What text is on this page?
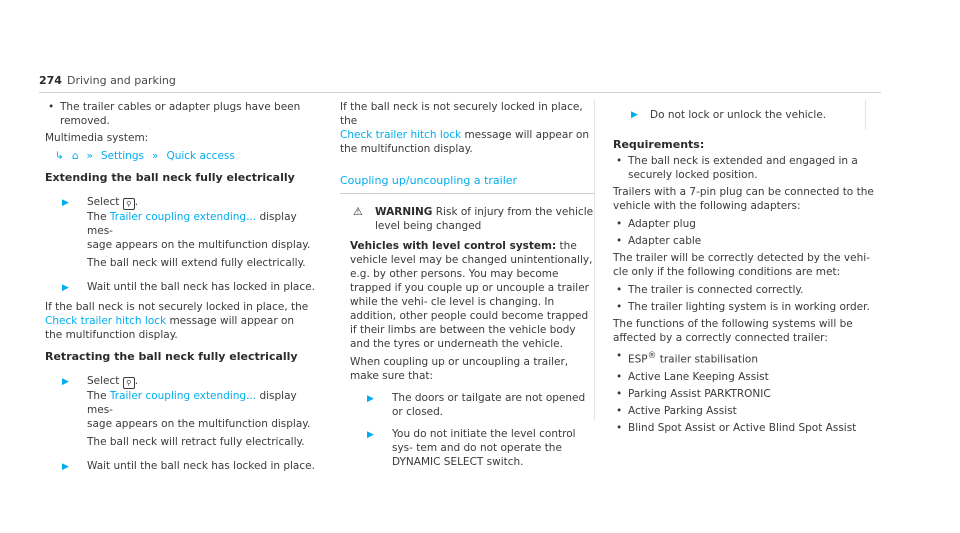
274 Driving and parking
• The trailer cables or adapter plugs have been removed.
Multimedia system:
↳ ⌂ » Settings » Quick access
Extending the ball neck fully electrically
▶ Select ⚲ .
The Trailer coupling extending... display mes-
sage appears on the multifunction display.
The ball neck will extend fully electrically.
▶ Wait until the ball neck has locked in place.
If the ball neck is not securely locked in place, the
Check trailer hitch lock message will appear on
the multifunction display.
Retracting the ball neck fully electrically
▶ Select ⚲ .
The Trailer coupling extending... display mes-
sage appears on the multifunction display.
The ball neck will retract fully electrically.
▶ Wait until the ball neck has locked in place.
If the ball neck is not securely locked in place, the
Check trailer hitch lock message will appear on
the multifunction display.
Coupling up/uncoupling a trailer
⚠ WARNING Risk of injury from the vehicle level being changed

Vehicles with level control system: the vehicle level may be changed unintentionally, e.g. by other persons. You may become trapped if you couple up or uncouple a trailer while the vehi- cle level is changing. In addition, other people could become trapped if their limbs are between the vehicle body and the tyres or underneath the vehicle.

When coupling up or uncoupling a trailer, make sure that:

▶ The doors or tailgate are not opened or closed.
▶ You do not initiate the level control sys- tem and do not operate the DYNAMIC SELECT switch.
▶ Do not lock or unlock the vehicle.
Requirements:
• The ball neck is extended and engaged in a securely locked position.

Trailers with a 7-pin plug can be connected to the vehicle with the following adapters:

• Adapter plug
• Adapter cable

The trailer will be correctly detected by the vehi- cle only if the following conditions are met:

• The trailer is connected correctly.
• The trailer lighting system is in working order.

The functions of the following systems will be affected by a correctly connected trailer:

• ESP® trailer stabilisation
• Active Lane Keeping Assist
• Parking Assist PARKTRONIC
• Active Parking Assist
• Blind Spot Assist or Active Blind Spot Assist
